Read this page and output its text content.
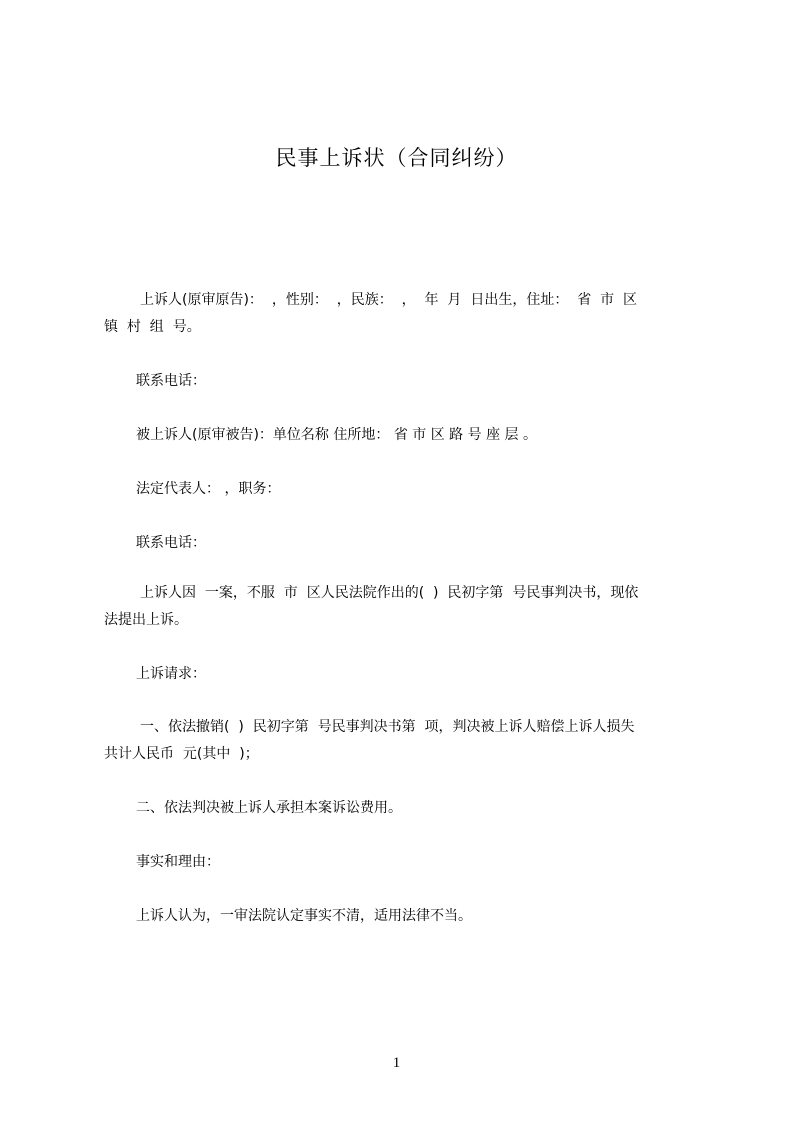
民事上诉状（合同纠纷）
上诉人(原审原告)：  ，性别：  ，民族：  ，  年  月  日出生，住址：  省  市  区
镇  村  组  号。

联系电话：

被上诉人(原审被告)：单位名称 住所地： 省 市 区 路 号 座 层 。

法定代表人： ，职务：

联系电话：

上诉人因  一案，不服  市  区人民法院作出的(  )  民初字第  号民事判决书，现依
法提出上诉。

上诉请求：

一、依法撤销(  )  民初字第  号民事判决书第  项，判决被上诉人赔偿上诉人损失
共计人民币  元(其中  )；

二、依法判决被上诉人承担本案诉讼费用。

事实和理由：

上诉人认为，一审法院认定事实不清，适用法律不当。

1
